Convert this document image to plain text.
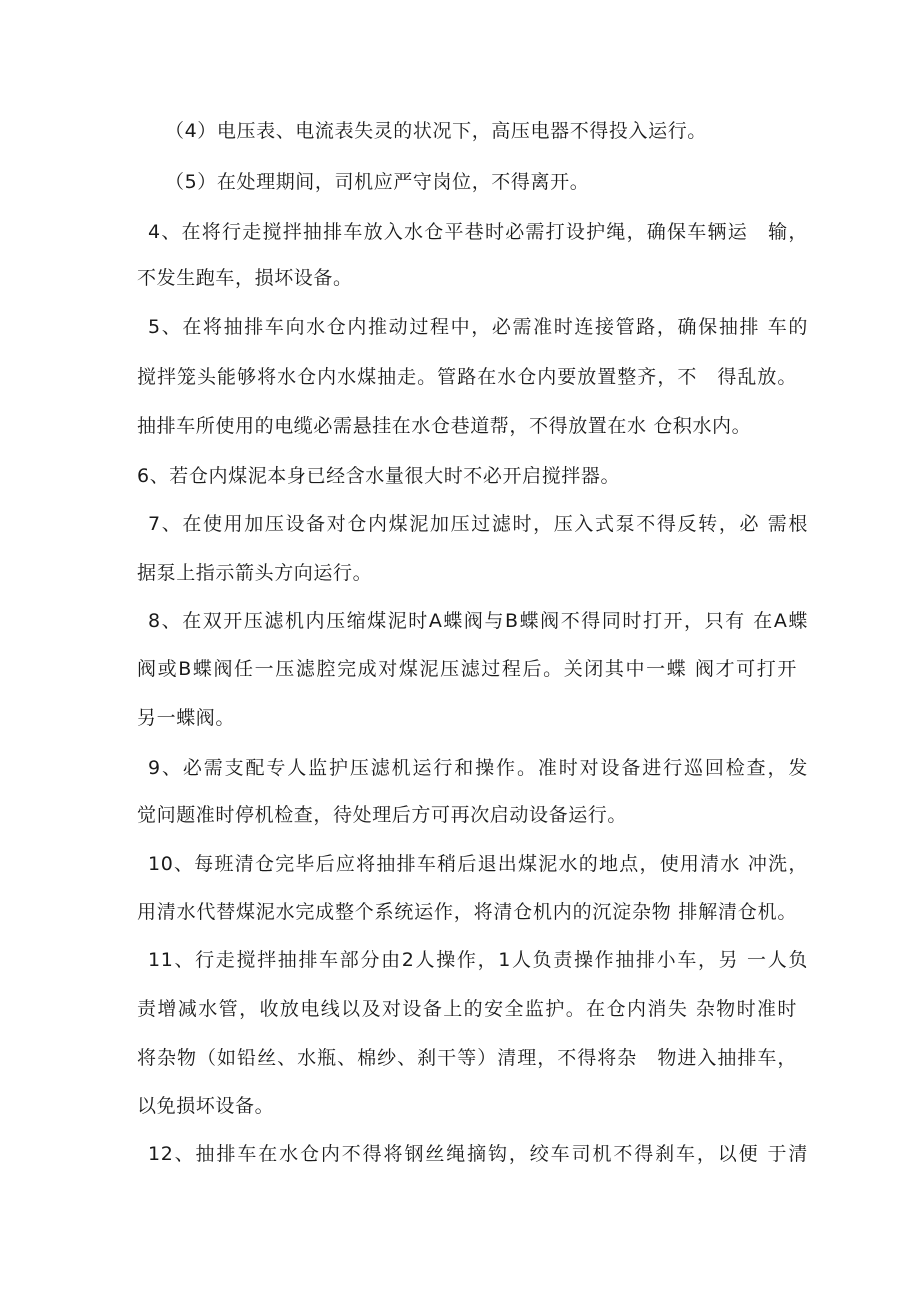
（4）电压表、电流表失灵的状况下，高压电器不得投入运行。
（5）在处理期间，司机应严守岗位，不得离开。
4、在将行走搅拌抽排车放入水仓平巷时必需打设护绳，确保车辆运　输，
不发生跑车，损坏设备。
5、在将抽排车向水仓内推动过程中，必需准时连接管路，确保抽排 车的
搅拌笼头能够将水仓内水煤抽走。管路在水仓内要放置整齐，不　得乱放。
抽排车所使用的电缆必需悬挂在水仓巷道帮，不得放置在水 仓积水内。
6、若仓内煤泥本身已经含水量很大时不必开启搅拌器。
7、在使用加压设备对仓内煤泥加压过滤时，压入式泵不得反转，必 需根
据泵上指示箭头方向运行。
8、在双开压滤机内压缩煤泥时A蝶阀与B蝶阀不得同时打开，只有 在A蝶
阀或B蝶阀任一压滤腔完成对煤泥压滤过程后。关闭其中一蝶 阀才可打开
另一蝶阀。
9、必需支配专人监护压滤机运行和操作。准时对设备进行巡回检查，发
觉问题准时停机检查，待处理后方可再次启动设备运行。
10、每班清仓完毕后应将抽排车稍后退出煤泥水的地点，使用清水 冲洗，
用清水代替煤泥水完成整个系统运作，将清仓机内的沉淀杂物 排解清仓机。
11、行走搅拌抽排车部分由2人操作，1人负责操作抽排小车，另 一人负
责增减水管，收放电线以及对设备上的安全监护。在仓内消失 杂物时准时
将杂物（如铅丝、水瓶、棉纱、刹干等）清理，不得将杂　物进入抽排车，
以免损坏设备。
12、抽排车在水仓内不得将钢丝绳摘钩，绞车司机不得刹车，以便 于清
